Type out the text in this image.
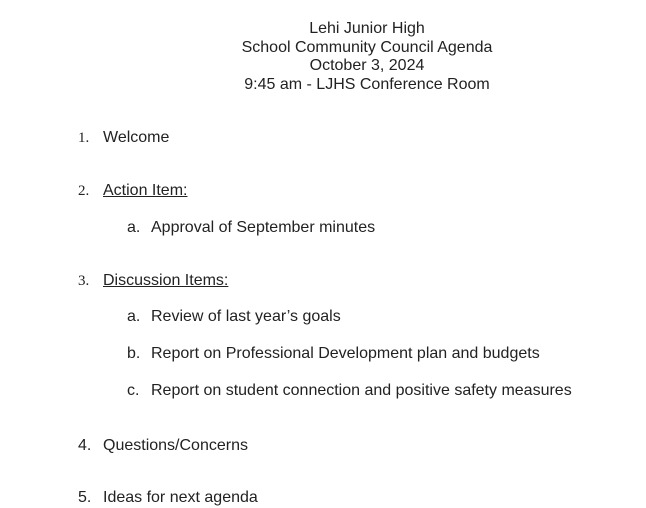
Lehi Junior High
School Community Council Agenda
October 3, 2024
9:45 am - LJHS Conference Room
1. Welcome
2. Action Item:
a. Approval of September minutes
3. Discussion Items:
a. Review of last year’s goals
b. Report on Professional Development plan and budgets
c. Report on student connection and positive safety measures
4. Questions/Concerns
5. Ideas for next agenda
